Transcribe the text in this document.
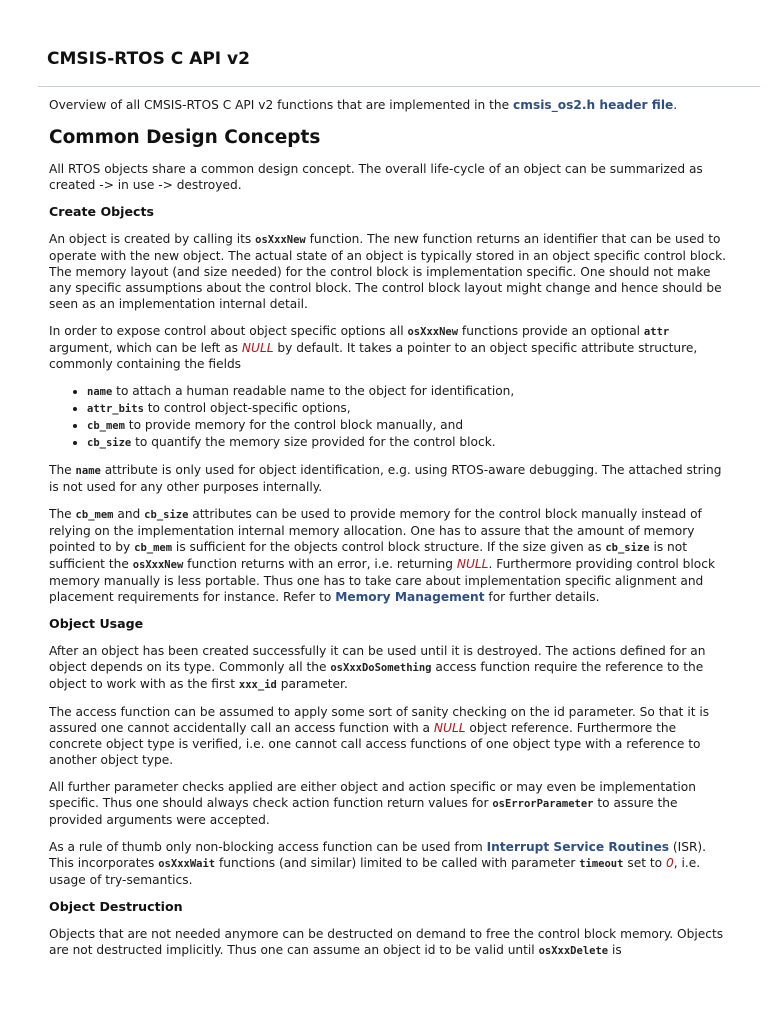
CMSIS-RTOS C API v2

Overview of all CMSIS-RTOS C API v2 functions that are implemented in the cmsis_os2.h header file.

Common Design Concepts

All RTOS objects share a common design concept. The overall life-cycle of an object can be summarized as created -> in use -> destroyed.

Create Objects

An object is created by calling its osXxxNew function. The new function returns an identifier that can be used to operate with the new object. The actual state of an object is typically stored in an object specific control block. The memory layout (and size needed) for the control block is implementation specific. One should not make any specific assumptions about the control block. The control block layout might change and hence should be seen as an implementation internal detail.

In order to expose control about object specific options all osXxxNew functions provide an optional attr argument, which can be left as NULL by default. It takes a pointer to an object specific attribute structure, commonly containing the fields

• name to attach a human readable name to the object for identification,
• attr_bits to control object-specific options,
• cb_mem to provide memory for the control block manually, and
• cb_size to quantify the memory size provided for the control block.

The name attribute is only used for object identification, e.g. using RTOS-aware debugging. The attached string is not used for any other purposes internally.

The cb_mem and cb_size attributes can be used to provide memory for the control block manually instead of relying on the implementation internal memory allocation. One has to assure that the amount of memory pointed to by cb_mem is sufficient for the objects control block structure. If the size given as cb_size is not sufficient the osXxxNew function returns with an error, i.e. returning NULL. Furthermore providing control block memory manually is less portable. Thus one has to take care about implementation specific alignment and placement requirements for instance. Refer to Memory Management for further details.

Object Usage

After an object has been created successfully it can be used until it is destroyed. The actions defined for an object depends on its type. Commonly all the osXxxDoSomething access function require the reference to the object to work with as the first xxx_id parameter.

The access function can be assumed to apply some sort of sanity checking on the id parameter. So that it is assured one cannot accidentally call an access function with a NULL object reference. Furthermore the concrete object type is verified, i.e. one cannot call access functions of one object type with a reference to another object type.

All further parameter checks applied are either object and action specific or may even be implementation specific. Thus one should always check action function return values for osErrorParameter to assure the provided arguments were accepted.

As a rule of thumb only non-blocking access function can be used from Interrupt Service Routines (ISR). This incorporates osXxxWait functions (and similar) limited to be called with parameter timeout set to 0, i.e. usage of try-semantics.

Object Destruction

Objects that are not needed anymore can be destructed on demand to free the control block memory. Objects are not destructed implicitly. Thus one can assume an object id to be valid until osXxxDelete is
